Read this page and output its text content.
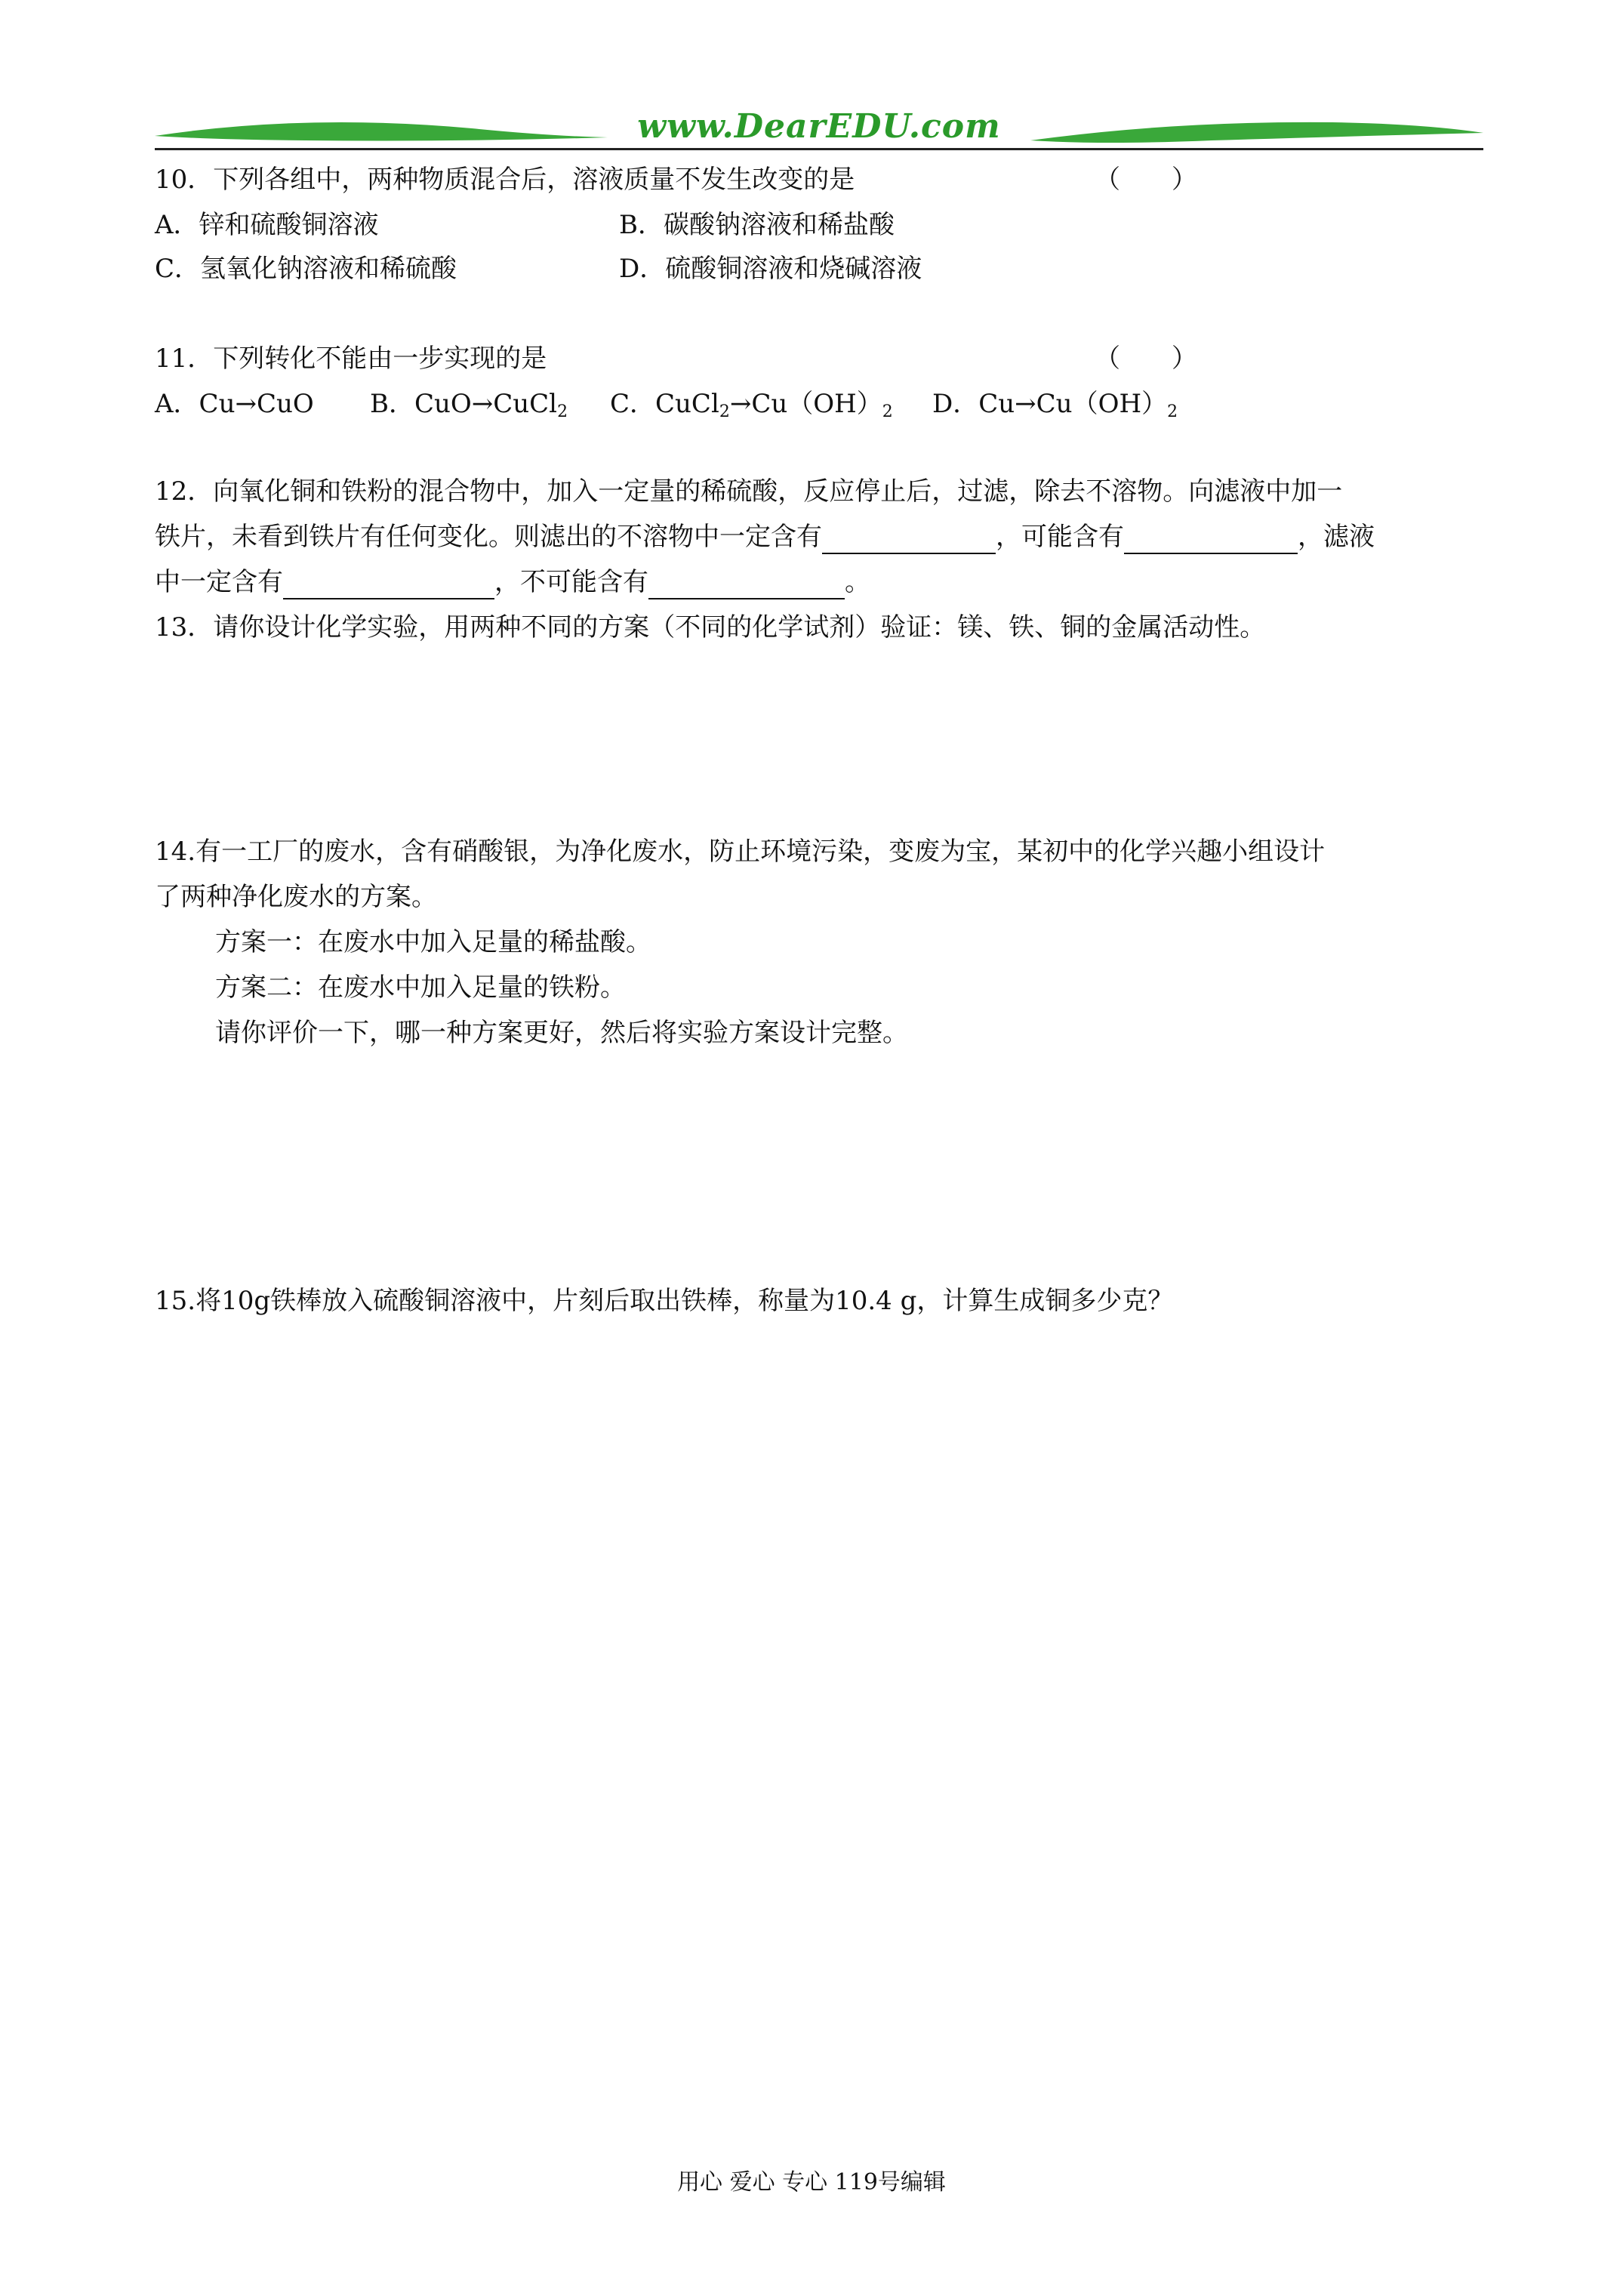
www.DearEDU.com
10．下列各组中，两种物质混合后，溶液质量不发生改变的是	（　　）
A．锌和硫酸铜溶液	B．碳酸钠溶液和稀盐酸
C．氢氧化钠溶液和稀硫酸	D．硫酸铜溶液和烧碱溶液
11．下列转化不能由一步实现的是	（　　）
A．Cu→CuO B．CuO→CuCl$_2$ C．$CuCl_2\to Cu(OH)_2$ D．$Cu\to Cu(OH)_2$
12．向氧化铜和铁粉的混合物中，加入一定量的稀硫酸，反应停止后，过滤，除去不溶物。向滤液中加一
铁片，未看到铁片有任何变化。则滤出的不溶物中一定含有	，可能含有	，滤液
中一定含有	，不可能含有	。
13．请你设计化学实验，用两种不同的方案（不同的化学试剂）验证：镁、铁、铜的金属活动性。
14.有一工厂的废水，含有硝酸银，为净化废水，防止环境污染，变废为宝，某初中的化学兴趣小组设计
了两种净化废水的方案。
方案一：在废水中加入足量的稀盐酸。
方案二：在废水中加入足量的铁粉。
请你评价一下，哪一种方案更好，然后将实验方案设计完整。
15.将10g铁棒放入硫酸铜溶液中，片刻后取出铁棒，称量为10.4 g，计算生成铜多少克？
用心 爱心 专心 119号编辑
